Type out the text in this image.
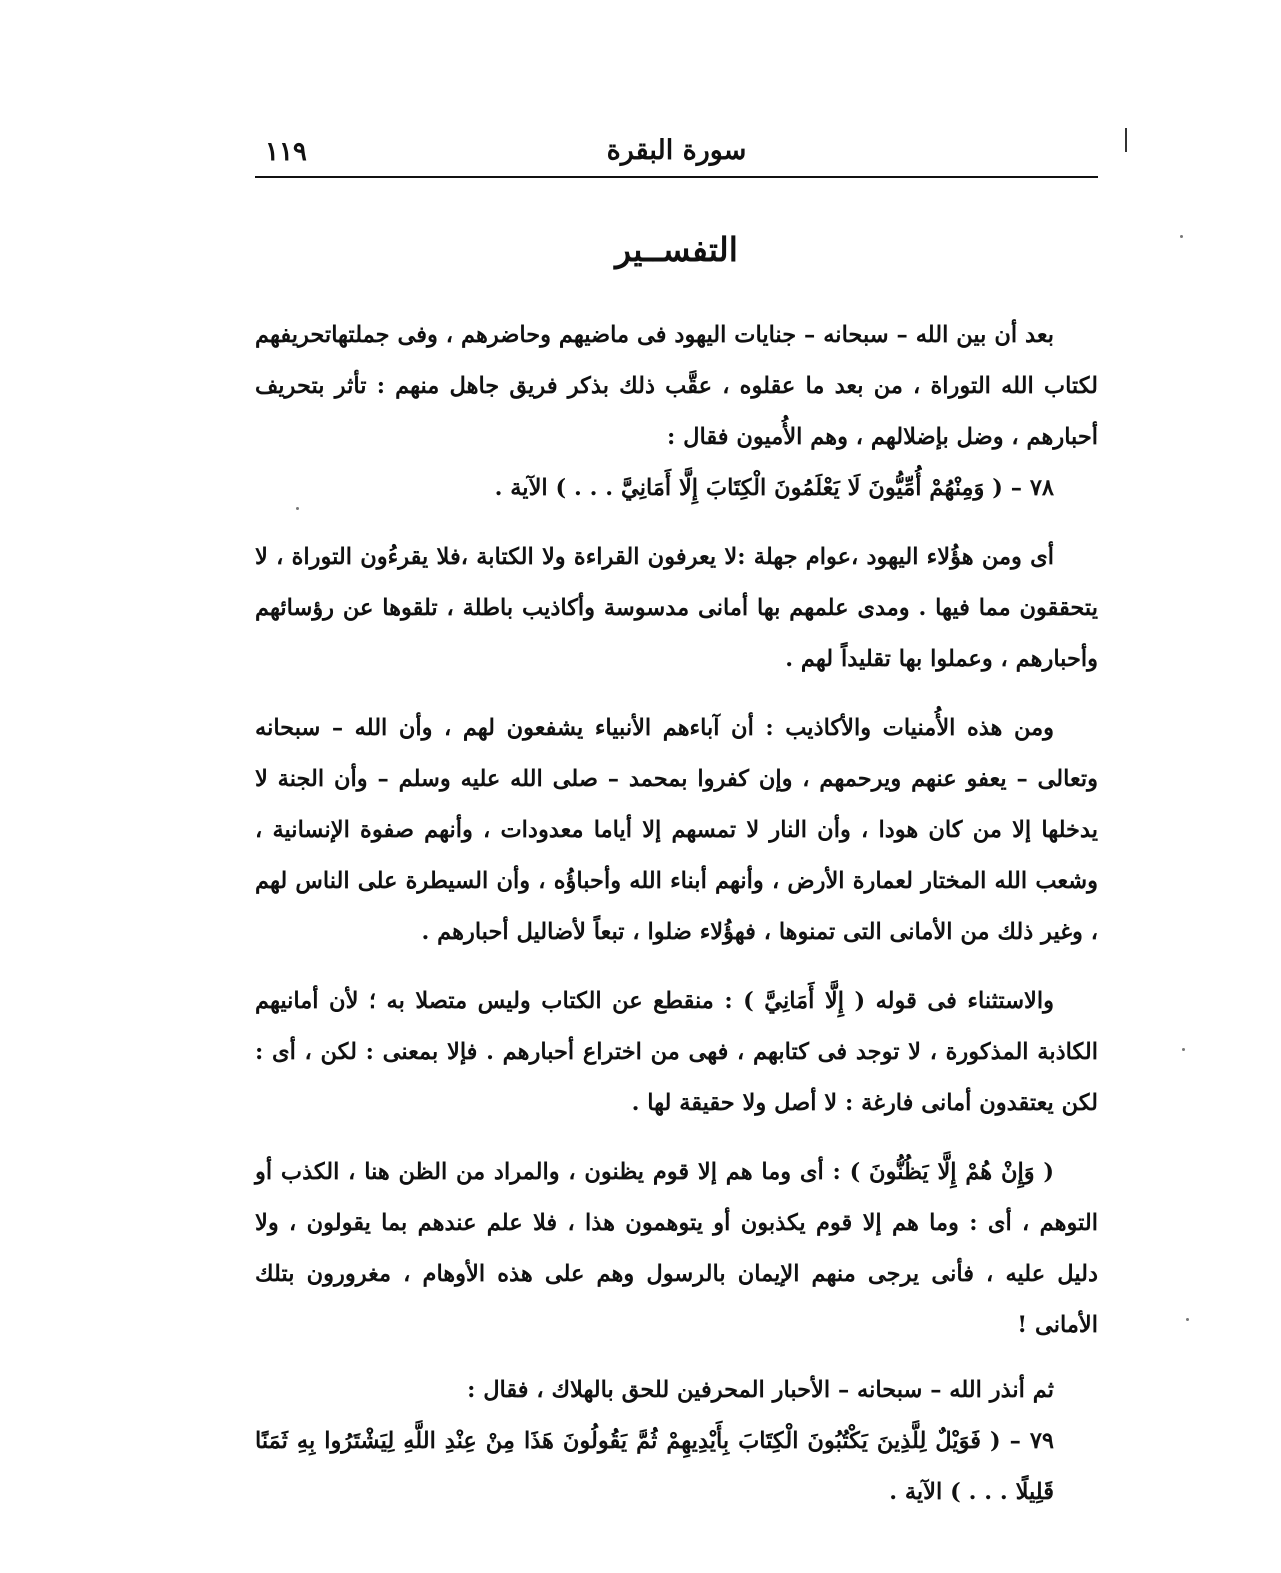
سورة البقرة
١١٩
التفســير

بعد أن بين الله – سبحانه – جنايات اليهود فى ماضيهم وحاضرهم ، وفى جملتهاتحريفهم لكتاب الله التوراة ، من بعد ما عقلوه ، عقَّب ذلك بذكر فريق جاهل منهم : تأثر بتحريف أحبارهم ، وضل بإضلالهم ، وهم الأُميون فقال :

٧٨ – ( وَمِنْهُمْ أُمِّيُّونَ لَا يَعْلَمُونَ الْكِتَابَ إِلَّا أَمَانِيَّ . . . ) الآية .

أى ومن هؤُلاء اليهود ،عوام جهلة :لا يعرفون القراءة ولا الكتابة ،فلا يقرءُون التوراة ، لا يتحققون مما فيها . ومدى علمهم بها أمانى مدسوسة وأكاذيب باطلة ، تلقوها عن رؤسائهم وأحبارهم ، وعملوا بها تقليداً لهم .

ومن هذه الأُمنيات والأكاذيب : أن آباءهم الأنبياء يشفعون لهم ، وأن الله – سبحانه وتعالى – يعفو عنهم ويرحمهم ، وإن كفروا بمحمد – صلى الله عليه وسلم – وأن الجنة لا يدخلها إلا من كان هودا ، وأن النار لا تمسهم إلا أياما معدودات ، وأنهم صفوة الإنسانية ، وشعب الله المختار لعمارة الأرض ، وأنهم أبناء الله وأحباؤُه ، وأن السيطرة على الناس لهم ، وغير ذلك من الأمانى التى تمنوها ، فهؤُلاء ضلوا ، تبعاً لأضاليل أحبارهم .

والاستثناء فى قوله ( إِلَّا أَمَانِيَّ ) : منقطع عن الكتاب وليس متصلا به ؛ لأن أمانيهم الكاذبة المذكورة ، لا توجد فى كتابهم ، فهى من اختراع أحبارهم . فإلا بمعنى : لكن ، أى : لكن يعتقدون أمانى فارغة : لا أصل ولا حقيقة لها .

( وَإِنْ هُمْ إِلَّا يَظُنُّونَ ) : أى وما هم إلا قوم يظنون ، والمراد من الظن هنا ، الكذب أو التوهم ، أى : وما هم إلا قوم يكذبون أو يتوهمون هذا ، فلا علم عندهم بما يقولون ، ولا دليل عليه ، فأنى يرجى منهم الإيمان بالرسول وهم على هذه الأوهام ، مغرورون بتلك الأمانى !

ثم أنذر الله – سبحانه – الأحبار المحرفين للحق بالهلاك ، فقال :

٧٩ – ( فَوَيْلٌ لِلَّذِينَ يَكْتُبُونَ الْكِتَابَ بِأَيْدِيهِمْ ثُمَّ يَقُولُونَ هَذَا مِنْ عِنْدِ اللَّهِ لِيَشْتَرُوا بِهِ ثَمَنًا قَلِيلًا . . . ) الآية .
